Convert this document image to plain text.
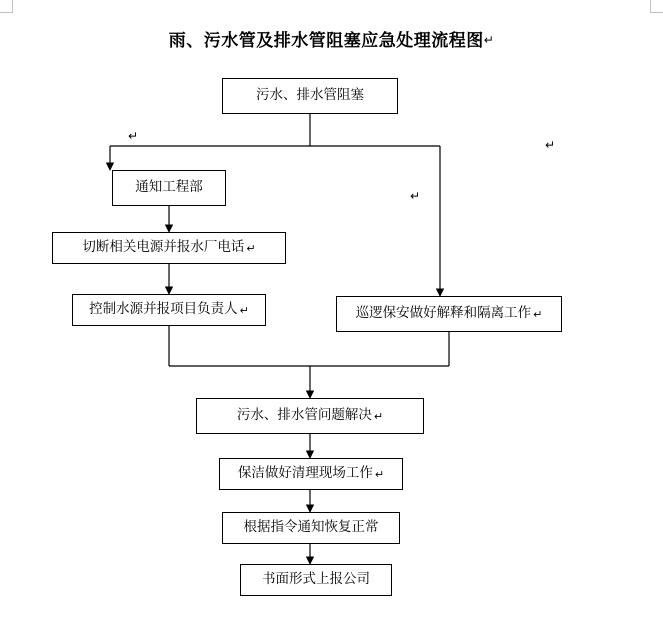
雨、污水管及排水管阻塞应急处理流程图↵
污水、排水管阻塞
通知工程部
切断相关电源并报水厂电话 ↵
控制水源并报项目负责人 ↵	巡逻保安做好解释和隔离工作 ↵
污水、排水管问题解决 ↵
保洁做好清理现场工作 ↵
根据指令通知恢复正常
书面形式上报公司
↵
↵
↵
